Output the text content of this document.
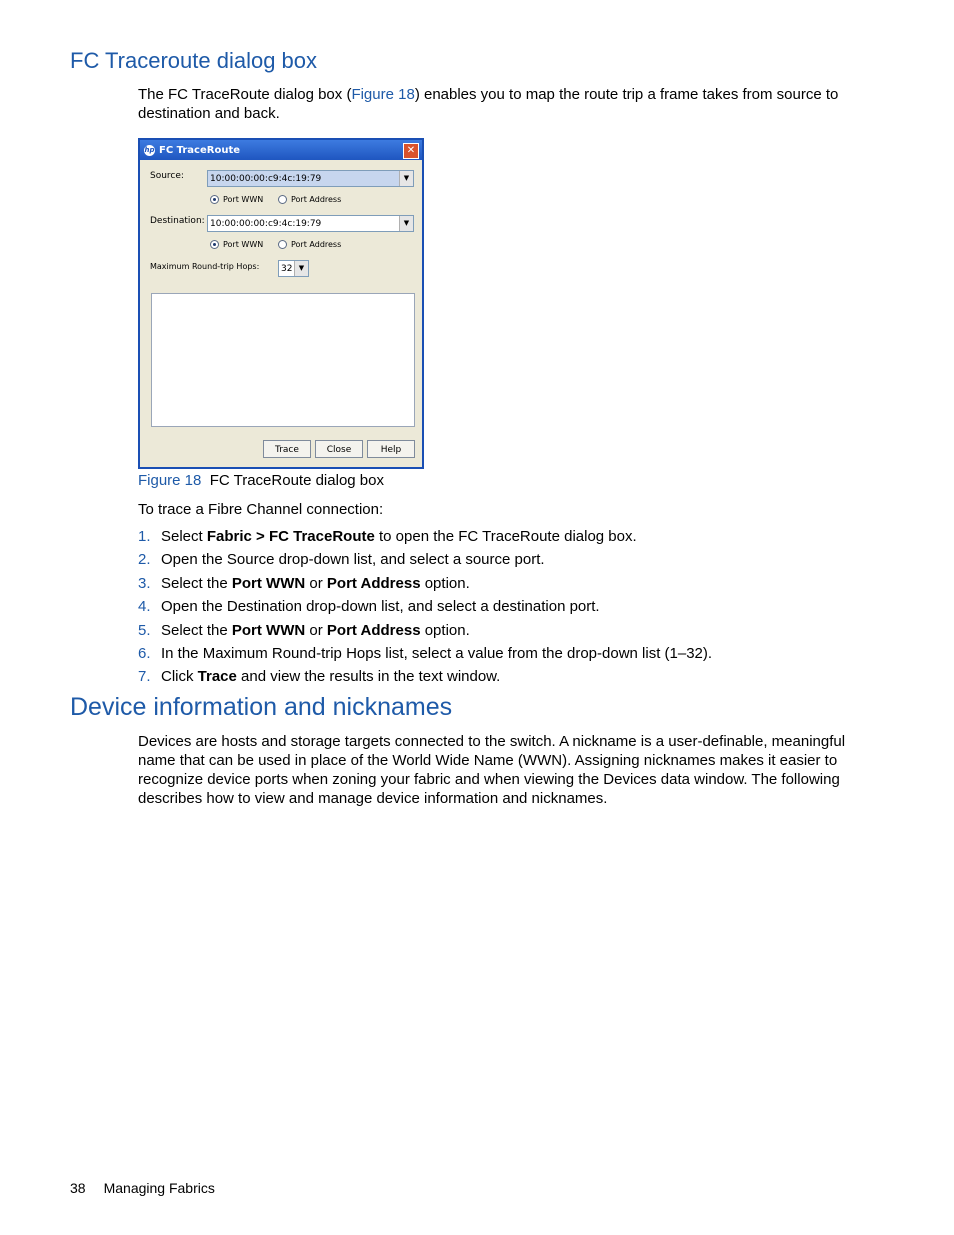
FC Traceroute dialog box

The FC TraceRoute dialog box (Figure 18) enables you to map the route trip a frame takes from source to destination and back.

hp FC TraceRoute	✕
Source:	10:00:00:00:c9:4c:19:79	▼
Port WWN	Port Address
Destination: 10:00:00:00:c9:4c:19:79	▼
Port WWN	Port Address
Maximum Round-trip Hops: 32 ▼
Trace	Close	Help
Figure 18 FC TraceRoute dialog box

To trace a Fibre Channel connection:

1. Select Fabric > FC TraceRoute to open the FC TraceRoute dialog box.
2. Open the Source drop-down list, and select a source port.
3. Select the Port WWN or Port Address option.
4. Open the Destination drop-down list, and select a destination port.
5. Select the Port WWN or Port Address option.
6. In the Maximum Round-trip Hops list, select a value from the drop-down list (1–32).
7. Click Trace and view the results in the text window.
Device information and nicknames

Devices are hosts and storage targets connected to the switch. A nickname is a user-definable, meaningful name that can be used in place of the World Wide Name (WWN). Assigning nicknames makes it easier to recognize device ports when zoning your fabric and when viewing the Devices data window. The following describes how to view and manage device information and nicknames.

38 Managing Fabrics
